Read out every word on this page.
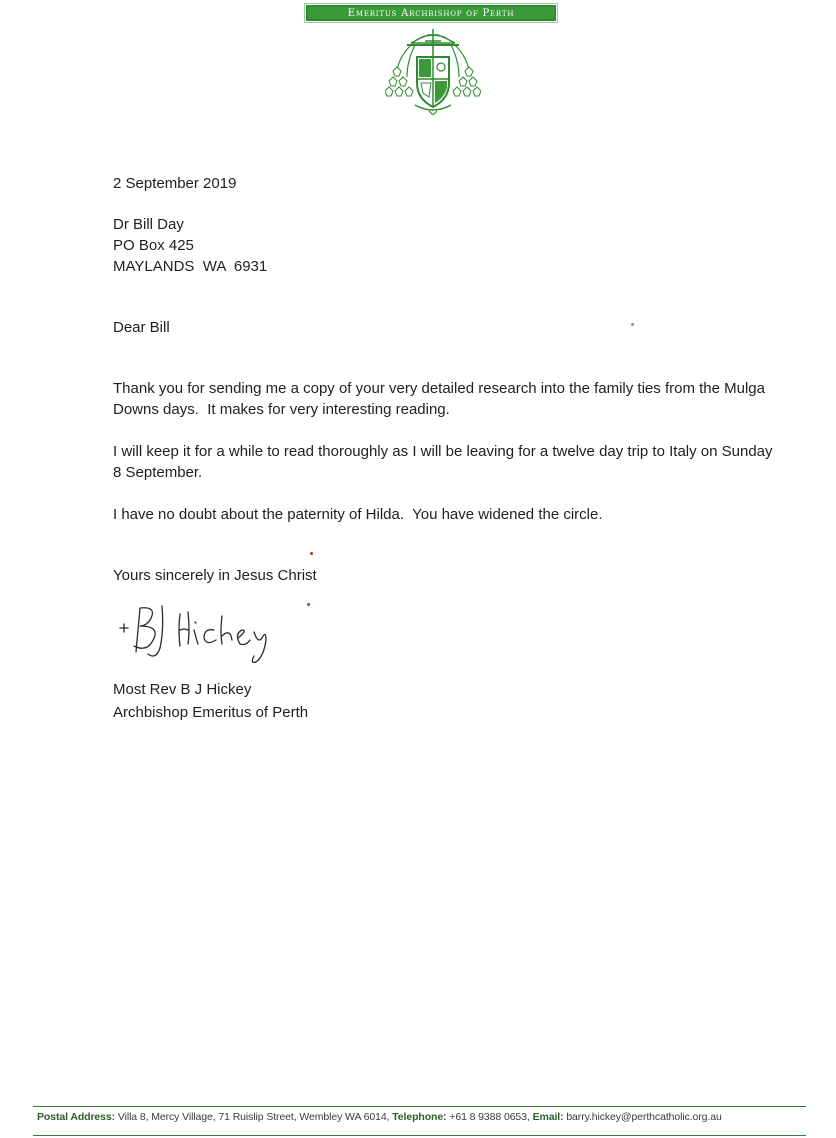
Emeritus Archbishop of Perth
2 September 2019
Dr Bill Day
PO Box 425
MAYLANDS  WA  6931
Dear Bill
Thank you for sending me a copy of your very detailed research into the family ties from the Mulga Downs days.  It makes for very interesting reading.
I will keep it for a while to read thoroughly as I will be leaving for a twelve day trip to Italy on Sunday 8 September.
I have no doubt about the paternity of Hilda.  You have widened the circle.
Yours sincerely in Jesus Christ
Most Rev B J Hickey
Archbishop Emeritus of Perth
Postal Address: Villa 8, Mercy Village, 71 Ruislip Street, Wembley WA 6014, Telephone: +61 8 9388 0653, Email: barry.hickey@perthcatholic.org.au
